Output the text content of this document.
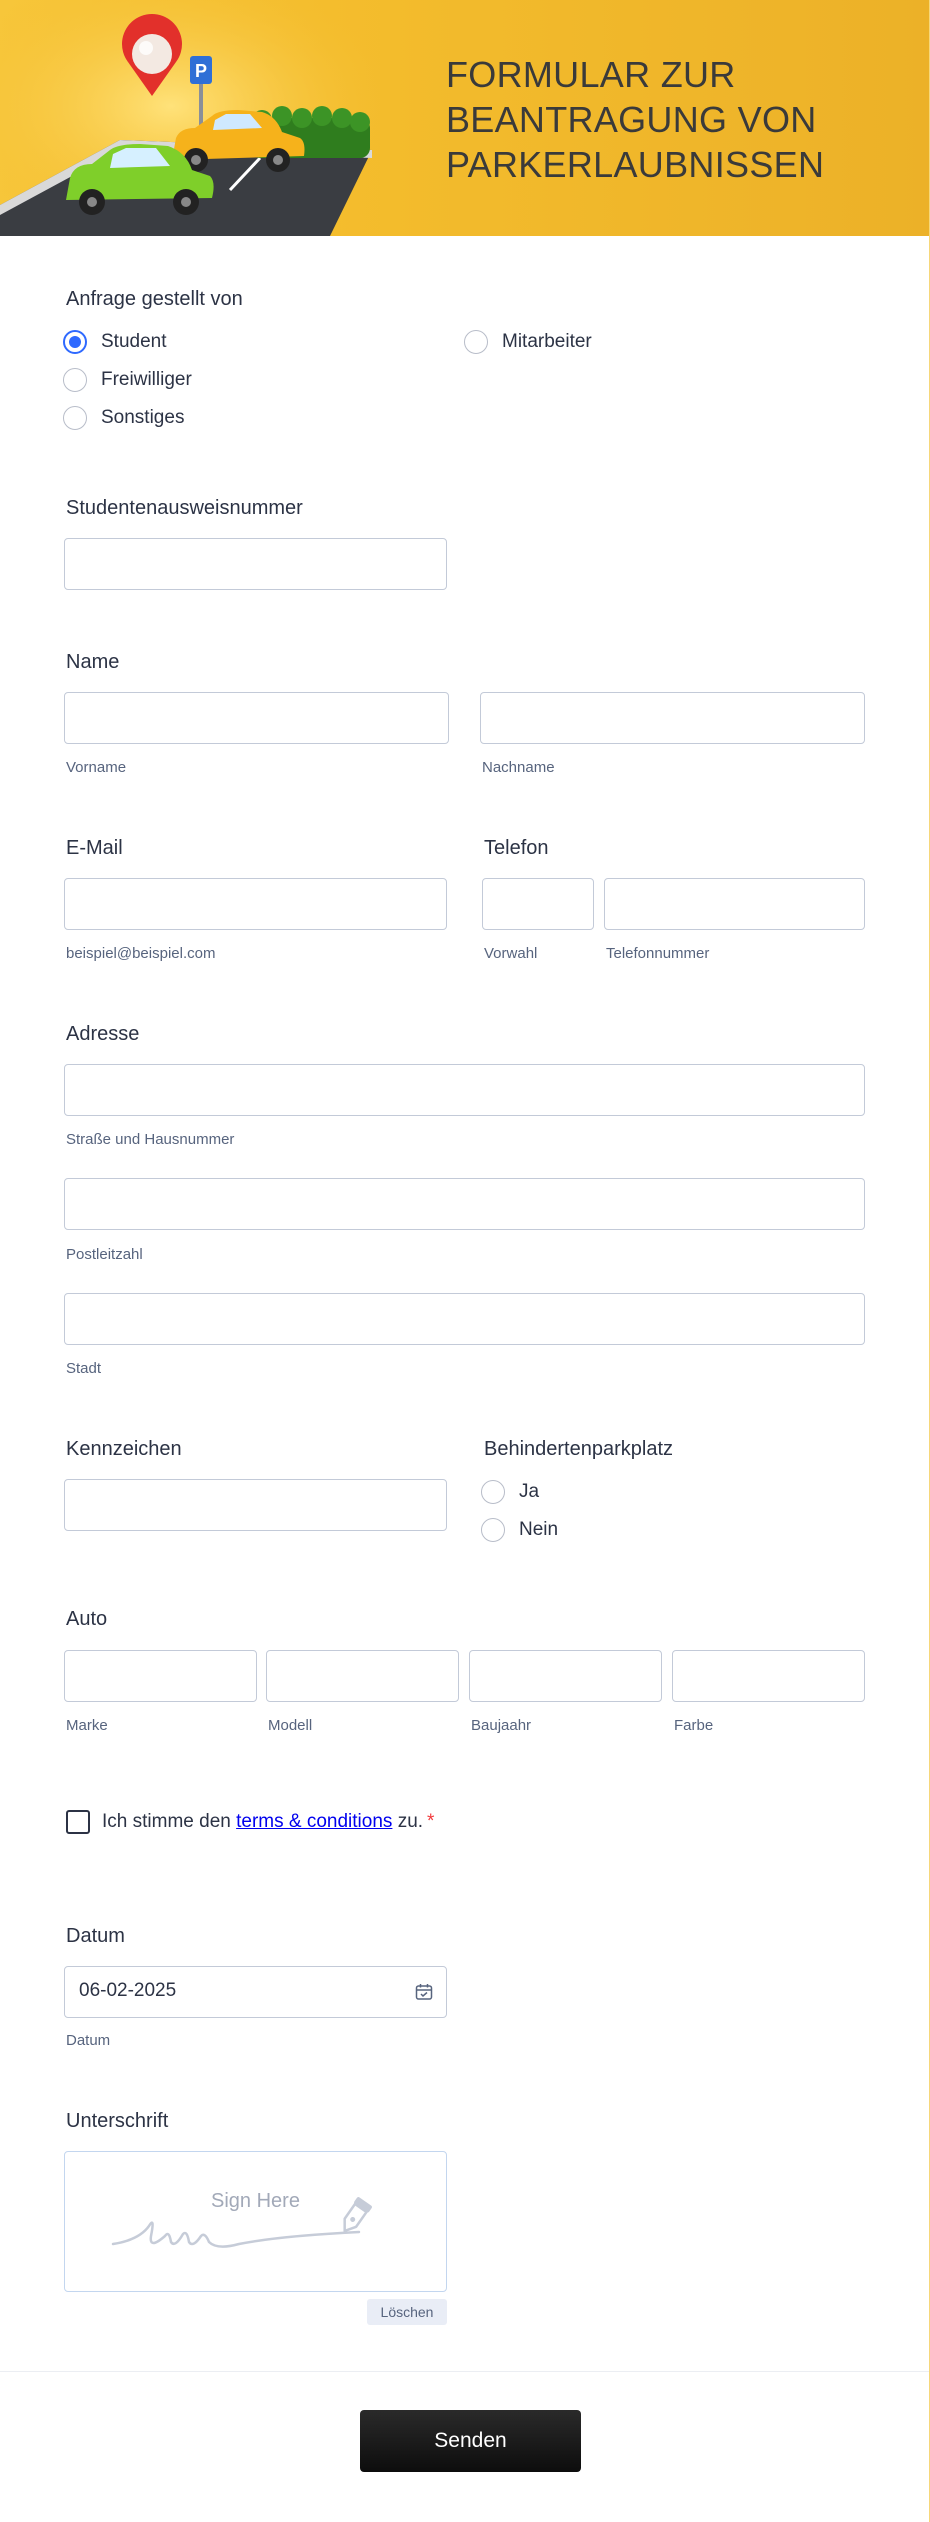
P	FORMULAR ZUR
BEANTRAGUNG VON
PARKERLAUBNISSEN
Anfrage gestellt von
Student	Mitarbeiter
Freiwilliger
Sonstiges
Studentenausweisnummer
Name
Vorname	Nachname
E-Mail
beispiel@beispiel.com
Telefon
Vorwahl	Telefonnummer
Adresse
Straße und Hausnummer
Postleitzahl
Stadt
Kennzeichen	Behindertenparkplatz
Ja
Nein
Auto
Marke	Modell	Baujaahr	Farbe
Ich stimme den terms & conditions zu. *
Datum
06-02-2025
Datum
Unterschrift
Sign Here
Löschen
Senden
